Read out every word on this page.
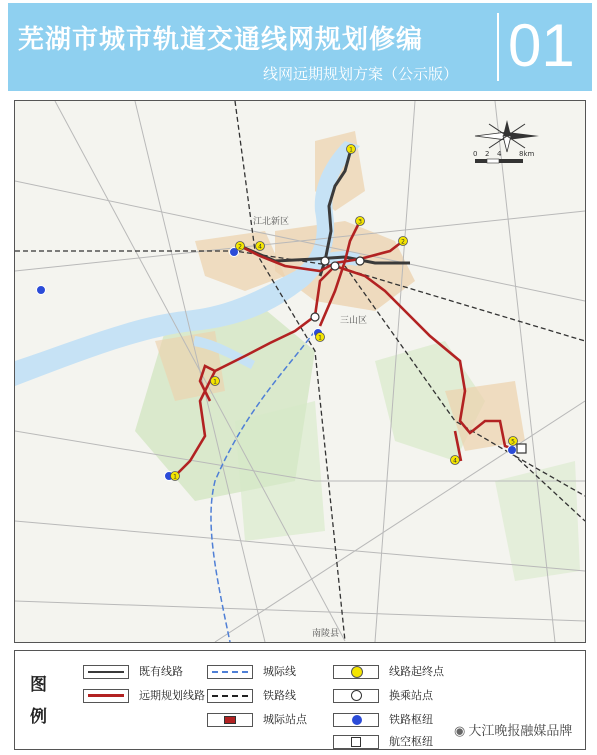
芜湖市城市轨道交通线网规划修编
线网远期规划方案（公示版） 01
1
1
1
1
2
2
3
4
4
5
江北新区
三山区
南陵县
0 2 4	8km
图例
既有线路
远期规划线路
城际线
铁路线
城际站点
线路起终点
换乘站点
铁路枢纽
航空枢纽
◉ 大江晚报融媒品牌
